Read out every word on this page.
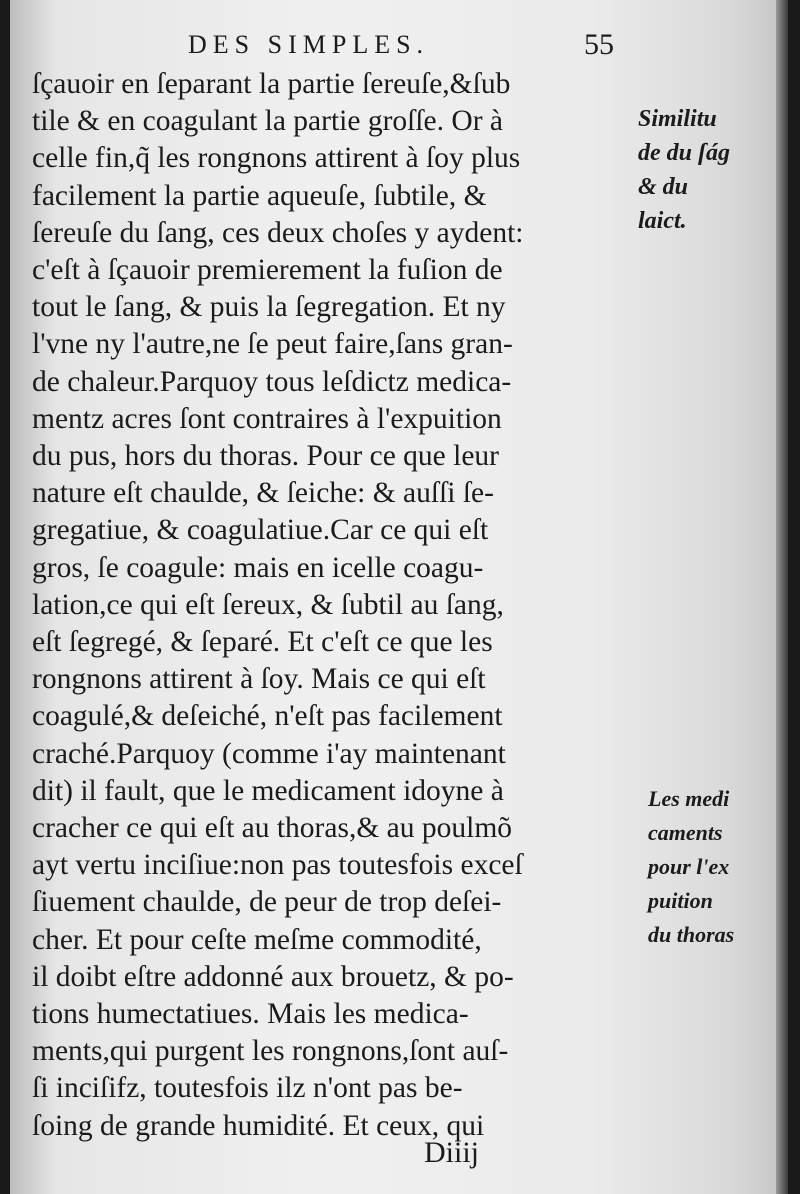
DES SIMPLES.	55
ſçauoir en ſeparant la partie ſereuſe,&ſub
tile & en coagulant la partie groſſe. Or à
celle fin,q̃ les rongnons attirent à ſoy plus
facilement la partie aqueuſe, ſubtile, &
ſereuſe du ſang, ces deux choſes y aydent:
c'eſt à ſçauoir premierement la fuſion de
tout le ſang, & puis la ſegregation. Et ny
l'vne ny l'autre,ne ſe peut faire,ſans gran-
de chaleur.Parquoy tous leſdictz medica-
mentz acres ſont contraires à l'expuition
du pus, hors du thoras. Pour ce que leur
nature eſt chaulde, & ſeiche: & auſſi ſe-
gregatiue, & coagulatiue.Car ce qui eſt
gros, ſe coagule: mais en icelle coagu-
lation,ce qui eſt ſereux, & ſubtil au ſang,
eſt ſegregé, & ſeparé. Et c'eſt ce que les
rongnons attirent à ſoy. Mais ce qui eſt
coagulé,& deſeiché, n'eſt pas facilement
craché.Parquoy (comme i'ay maintenant
dit) il fault, que le medicament idoyne à
cracher ce qui eſt au thoras,& au poulmõ
ayt vertu inciſiue:non pas toutesfois exceſ
ſiuement chaulde, de peur de trop deſei-
cher. Et pour ceſte meſme commodité,
il doibt eſtre addonné aux brouetz, & po-
tions humectatiues. Mais les medica-
ments,qui purgent les rongnons,ſont auſ-
ſi inciſifz, toutesfois ilz n'ont pas be-
ſoing de grande humidité. Et ceux, qui
Similitu
de du ſág
& du
laict.
Les medi
caments
pour l'ex
puition
du thoras
Diiij
